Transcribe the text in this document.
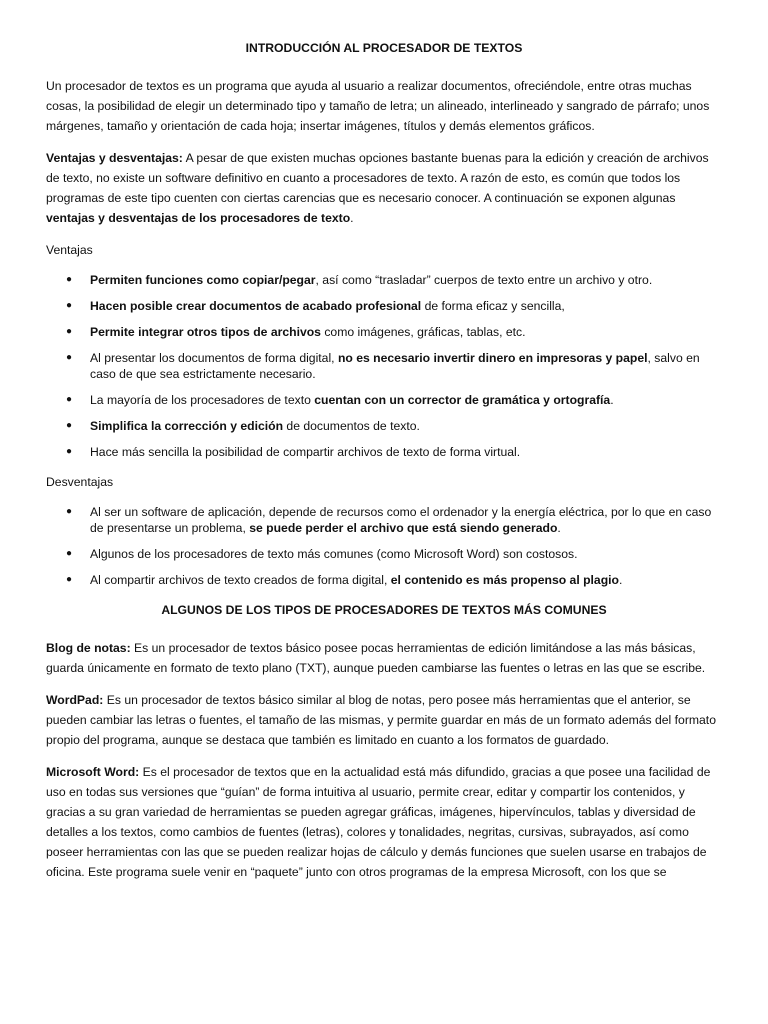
INTRODUCCIÓN AL PROCESADOR DE TEXTOS

Un procesador de textos es un programa que ayuda al usuario a realizar documentos, ofreciéndole, entre otras muchas cosas, la posibilidad de elegir un determinado tipo y tamaño de letra; un alineado, interlineado y sangrado de párrafo; unos márgenes, tamaño y orientación de cada hoja; insertar imágenes, títulos y demás elementos gráficos.

Ventajas y desventajas: A pesar de que existen muchas opciones bastante buenas para la edición y creación de archivos de texto, no existe un software definitivo en cuanto a procesadores de texto. A razón de esto, es común que todos los programas de este tipo cuenten con ciertas carencias que es necesario conocer. A continuación se exponen algunas ventajas y desventajas de los procesadores de texto.

Ventajas

● Permiten funciones como copiar/pegar, así como “trasladar” cuerpos de texto entre un archivo y otro.
● Hacen posible crear documentos de acabado profesional de forma eficaz y sencilla,
● Permite integrar otros tipos de archivos como imágenes, gráficas, tablas, etc.
● Al presentar los documentos de forma digital, no es necesario invertir dinero en impresoras y papel, salvo en caso de que sea estrictamente necesario.
● La mayoría de los procesadores de texto cuentan con un corrector de gramática y ortografía.
● Simplifica la corrección y edición de documentos de texto.
● Hace más sencilla la posibilidad de compartir archivos de texto de forma virtual.

Desventajas

● Al ser un software de aplicación, depende de recursos como el ordenador y la energía eléctrica, por lo que en caso de presentarse un problema, se puede perder el archivo que está siendo generado.
● Algunos de los procesadores de texto más comunes (como Microsoft Word) son costosos.
● Al compartir archivos de texto creados de forma digital, el contenido es más propenso al plagio.
ALGUNOS DE LOS TIPOS DE PROCESADORES DE TEXTOS MÁS COMUNES

Blog de notas: Es un procesador de textos básico posee pocas herramientas de edición limitándose a las más básicas, guarda únicamente en formato de texto plano (TXT), aunque pueden cambiarse las fuentes o letras en las que se escribe.

WordPad: Es un procesador de textos básico similar al blog de notas, pero posee más herramientas que el anterior, se pueden cambiar las letras o fuentes, el tamaño de las mismas, y permite guardar en más de un formato además del formato propio del programa, aunque se destaca que también es limitado en cuanto a los formatos de guardado.

Microsoft Word: Es el procesador de textos que en la actualidad está más difundido, gracias a que posee una facilidad de uso en todas sus versiones que “guían” de forma intuitiva al usuario, permite crear, editar y compartir los contenidos, y gracias a su gran variedad de herramientas se pueden agregar gráficas, imágenes, hipervínculos, tablas y diversidad de detalles a los textos, como cambios de fuentes (letras), colores y tonalidades, negritas, cursivas, subrayados, así como poseer herramientas con las que se pueden realizar hojas de cálculo y demás funciones que suelen usarse en trabajos de oficina. Este programa suele venir en “paquete” junto con otros programas de la empresa Microsoft, con los que se
